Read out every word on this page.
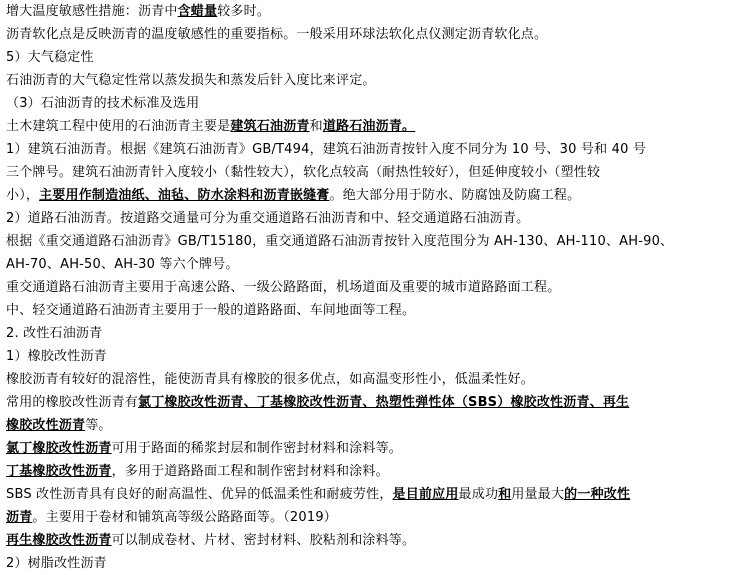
增大温度敏感性措施：沥青中含蜡量较多时。
沥青软化点是反映沥青的温度敏感性的重要指标。一般采用环球法软化点仪测定沥青软化点。
5）大气稳定性
石油沥青的大气稳定性常以蒸发损失和蒸发后针入度比来评定。
（3）石油沥青的技术标准及选用
土木建筑工程中使用的石油沥青主要是建筑石油沥青和道路石油沥青。
1）建筑石油沥青。根据《建筑石油沥青》GB/T494，建筑石油沥青按针入度不同分为 10 号、30 号和 40 号
三个牌号。建筑石油沥青针入度较小（黏性较大），软化点较高（耐热性较好），但延伸度较小（塑性较
小），主要用作制造油纸、油毡、防水涂料和沥青嵌缝膏。绝大部分用于防水、防腐蚀及防腐工程。
2）道路石油沥青。按道路交通量可分为重交通道路石油沥青和中、轻交通道路石油沥青。
根据《重交通道路石油沥青》GB/T15180，重交通道路石油沥青按针入度范围分为 AH-130、AH-110、AH-90、
AH-70、AH-50、AH-30 等六个牌号。
重交通道路石油沥青主要用于高速公路、一级公路路面，机场道面及重要的城市道路路面工程。
中、轻交通道路石油沥青主要用于一般的道路路面、车间地面等工程。
2. 改性石油沥青
1）橡胶改性沥青
橡胶沥青有较好的混溶性，能使沥青具有橡胶的很多优点，如高温变形性小，低温柔性好。
常用的橡胶改性沥青有氯丁橡胶改性沥青、丁基橡胶改性沥青、热塑性弹性体（SBS）橡胶改性沥青、再生
橡胶改性沥青等。
氯丁橡胶改性沥青可用于路面的稀浆封层和制作密封材料和涂料等。
丁基橡胶改性沥青，多用于道路路面工程和制作密封材料和涂料。
SBS 改性沥青具有良好的耐高温性、优异的低温柔性和耐疲劳性，是目前应用最成功和用量最大的一种改性
沥青。主要用于卷材和铺筑高等级公路路面等。（2019）
再生橡胶改性沥青可以制成卷材、片材、密封材料、胶粘剂和涂料等。
2）树脂改性沥青
